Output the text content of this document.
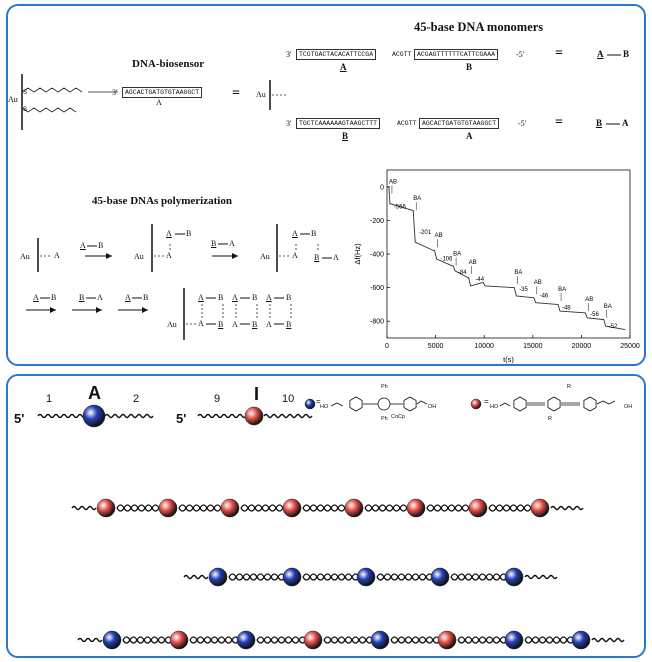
S
S
45-base DNA monomers
DNA-biosensor
Au
3'	AGCACTGATGTGTAAGGCT
A
= Au
3'	TCGTGACTACACATTCCGA	ACGTT ACGAGTTTTTTCATTCGAAA	-5'
A	B
=	A B
3'	TGCTCAAAAAAGTAAGCTTT	ACGTT AGCACTGATGTGTAAGGCT	-5'
B	A
=	B A
45-base DNAs polymerization
Au	A
A B
Au
A B
A
B A
Au
A B
A B A
A B	B A	A B
Au	A
A B
B A
A B
B A
A B
B
0	5000	10000	15000	20000	25000
0
-200
-400
-600
-800
t(s)
Δf(Hz)
AB
-566
BA
-201
AB
-106
BA
-84
AB
-44
BA
-35
AB
-46
BA
-48
AB
-56
BA
-52
5'
1 A	2
5'
9 I 10	=
HO
Ph
Ph CoCp
OH
=
HO
R
R
OH
